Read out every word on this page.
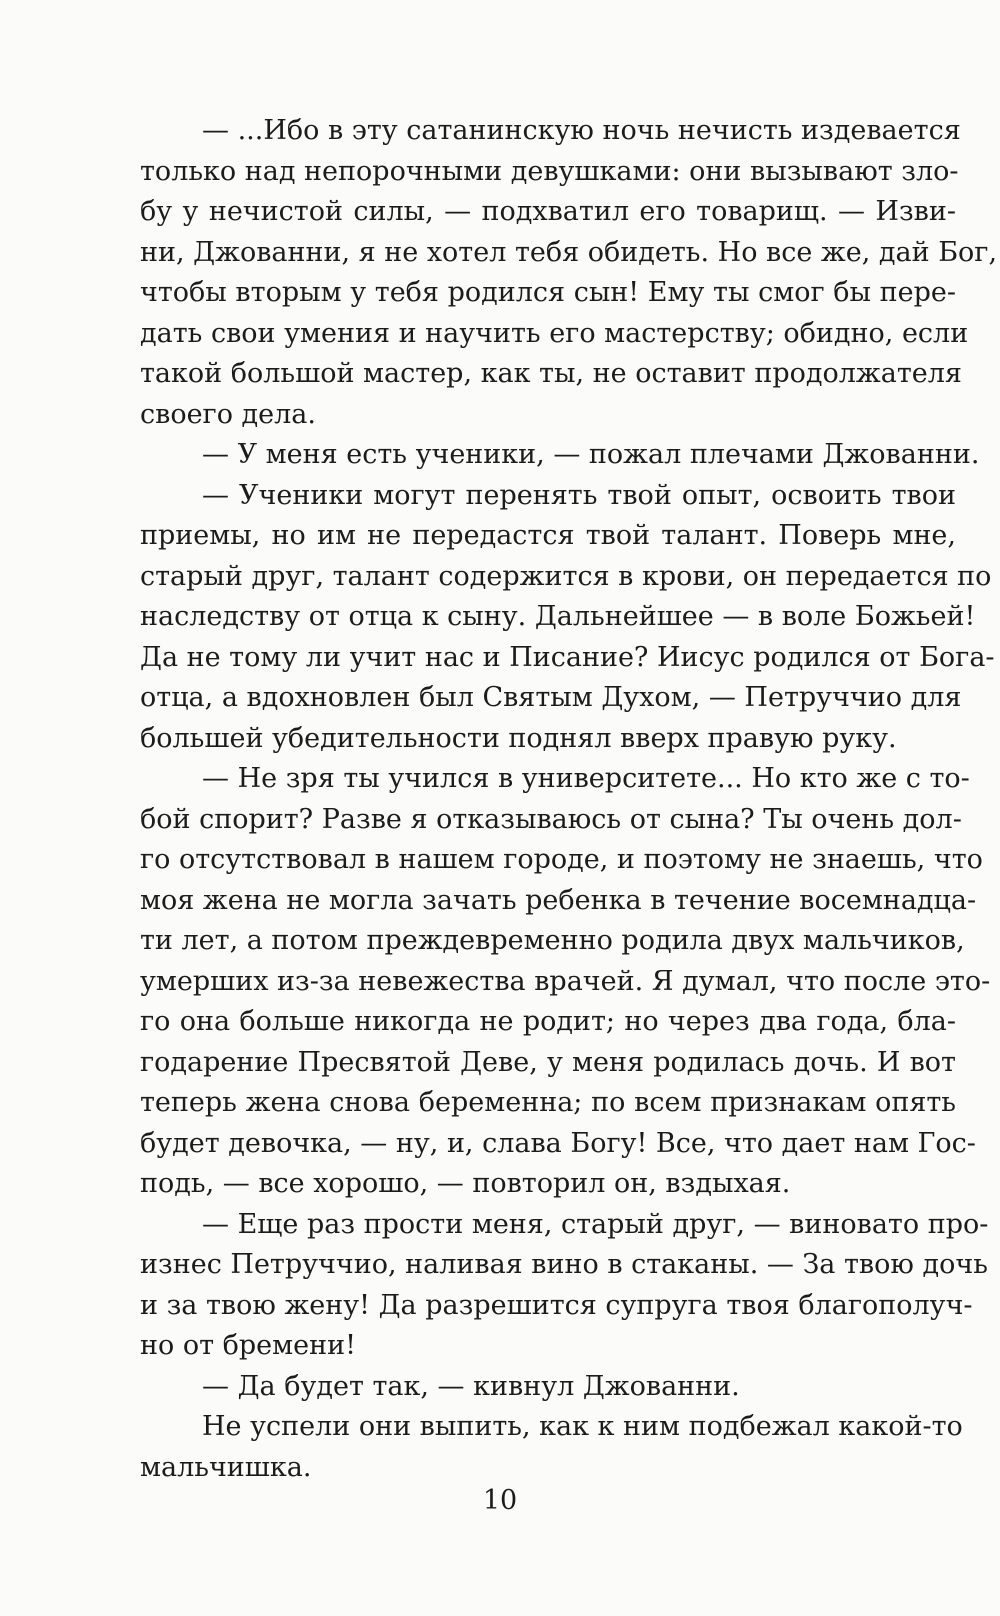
— ...Ибо в эту сатанинскую ночь нечисть издевается
только над непорочными девушками: они вызывают зло-
бу у нечистой силы, — подхватил его товарищ. — Изви-
ни, Джованни, я не хотел тебя обидеть. Но все же, дай Бог,
чтобы вторым у тебя родился сын! Ему ты смог бы пере-
дать свои умения и научить его мастерству; обидно, если
такой большой мастер, как ты, не оставит продолжателя
своего дела.
— У меня есть ученики, — пожал плечами Джованни.
— Ученики могут перенять твой опыт, освоить твои
приемы, но им не передастся твой талант. Поверь мне,
старый друг, талант содержится в крови, он передается по
наследству от отца к сыну. Дальнейшее — в воле Божьей!
Да не тому ли учит нас и Писание? Иисус родился от Бога-
отца, а вдохновлен был Святым Духом, — Петруччио для
большей убедительности поднял вверх правую руку.
— Не зря ты учился в университете... Но кто же с то-
бой спорит? Разве я отказываюсь от сына? Ты очень дол-
го отсутствовал в нашем городе, и поэтому не знаешь, что
моя жена не могла зачать ребенка в течение восемнадца-
ти лет, а потом преждевременно родила двух мальчиков,
умерших из-за невежества врачей. Я думал, что после это-
го она больше никогда не родит; но через два года, бла-
годарение Пресвятой Деве, у меня родилась дочь. И вот
теперь жена снова беременна; по всем признакам опять
будет девочка, — ну, и, слава Богу! Все, что дает нам Гос-
подь, — все хорошо, — повторил он, вздыхая.
— Еще раз прости меня, старый друг, — виновато про-
изнес Петруччио, наливая вино в стаканы. — За твою дочь
и за твою жену! Да разрешится супруга твоя благополуч-
но от бремени!
— Да будет так, — кивнул Джованни.
Не успели они выпить, как к ним подбежал какой-то
мальчишка.
10
